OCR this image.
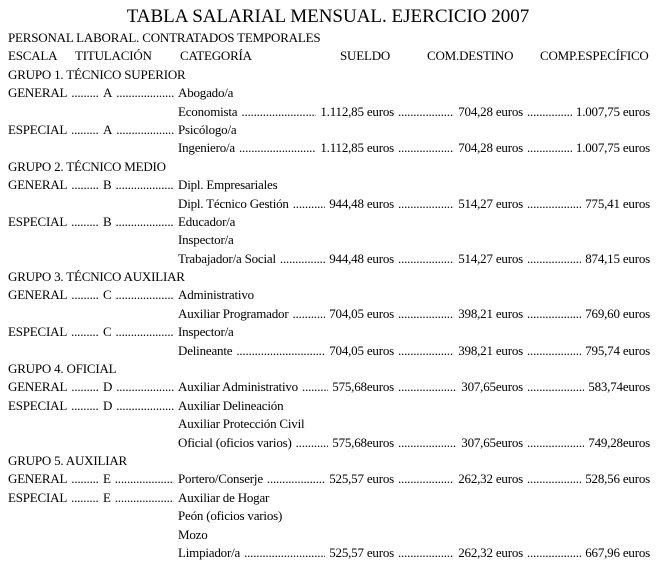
TABLA SALARIAL MENSUAL. EJERCICIO 2007
PERSONAL LABORAL. CONTRATADOS TEMPORALES
ESCALA TITULACIÓN CATEGORÍA	SUELDO	COM.DESTINO COMP.ESPECÍFICO
GRUPO 1. TÉCNICO SUPERIOR
GENERAL .....	A .....	Abogado/a
Economista .....	1.112,85 euros .....	704,28 euros .....	1.007,75 euros
ESPECIAL .....	A .....	Psicólogo/a
Ingeniero/a .....	1.112,85 euros .....	704,28 euros .....	1.007,75 euros
GRUPO 2. TÉCNICO MEDIO
GENERAL .....	B .....	Dipl. Empresariales
Dipl. Técnico Gestión .....	944,48 euros .....	514,27 euros .....	775,41 euros
ESPECIAL .....	B .....	Educador/a
Inspector/a
Trabajador/a Social .....	944,48 euros .....	514,27 euros .....	874,15 euros
GRUPO 3. TÉCNICO AUXILIAR
GENERAL .....	C .....	Administrativo
Auxiliar Programador .....	704,05 euros .....	398,21 euros .....	769,60 euros
ESPECIAL .....	C .....	Inspector/a
Delineante .....	704,05 euros .....	398,21 euros .....	795,74 euros
GRUPO 4. OFICIAL
GENERAL .....	D .....	Auxiliar Administrativo .....	575,68euros .....	307,65euros .....	583,74euros
ESPECIAL .....	D .....	Auxiliar Delineación
Auxiliar Protección Civil
Oficial (oficios varios) .....	575,68euros .....	307,65euros .....	749,28euros
GRUPO 5. AUXILIAR
GENERAL .....	E .....	Portero/Conserje .....	525,57 euros .....	262,32 euros .....	528,56 euros
ESPECIAL .....	E .....	Auxiliar de Hogar
Peón (oficios varios)
Mozo
Limpiador/a .....	525,57 euros .....	262,32 euros .....	667,96 euros
